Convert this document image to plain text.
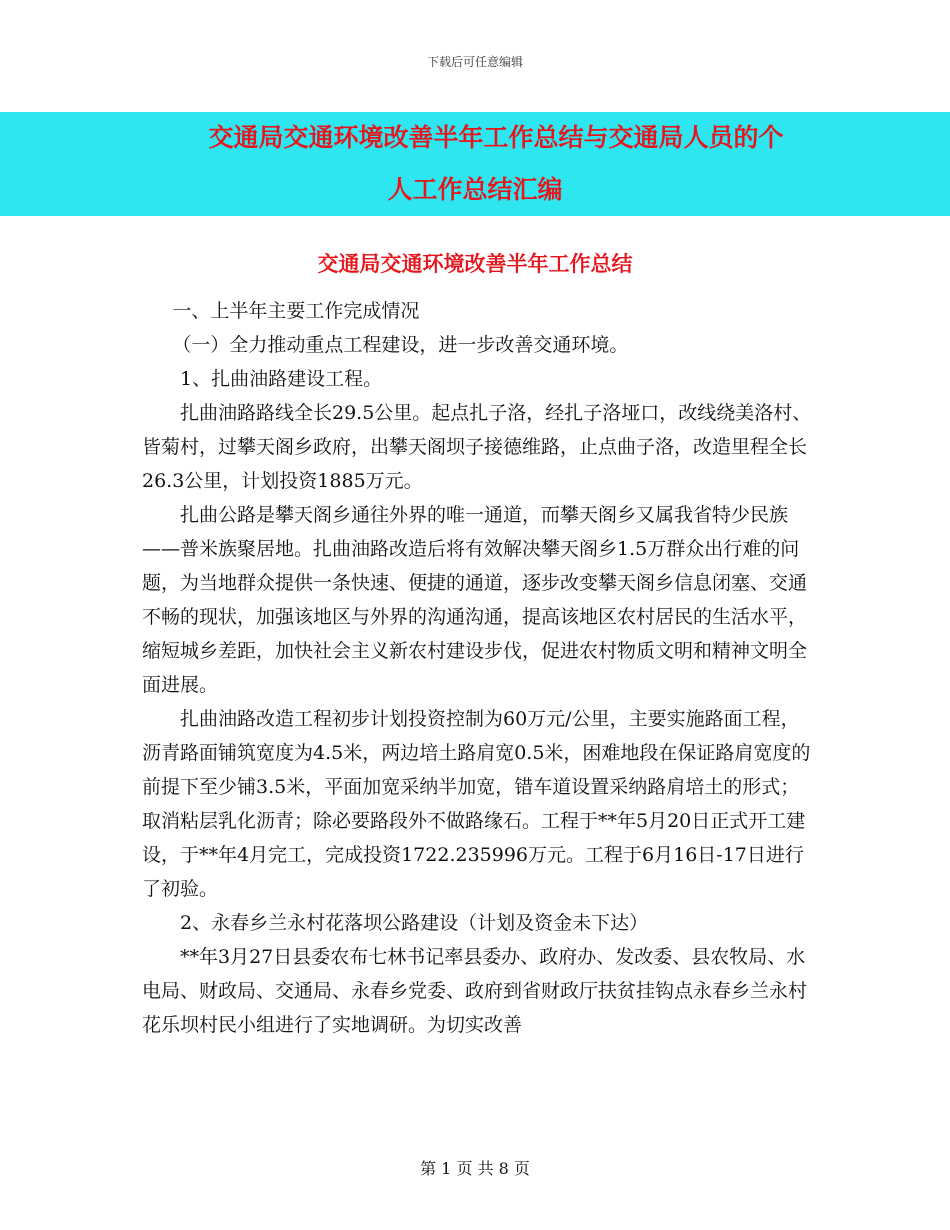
下载后可任意编辑
交通局交通环境改善半年工作总结与交通局人员的个
人工作总结汇编
交通局交通环境改善半年工作总结

一、上半年主要工作完成情况

（一）全力推动重点工程建设，进一步改善交通环境。

1、扎曲油路建设工程。

扎曲油路路线全长29.5公里。起点扎子洛，经扎子洛垭口，改线绕美洛村、皆菊村，过攀天阁乡政府，出攀天阁坝子接德维路，止点曲子洛，改造里程全长26.3公里，计划投资1885万元。

扎曲公路是攀天阁乡通往外界的唯一通道，而攀天阁乡又属我省特少民族——普米族聚居地。扎曲油路改造后将有效解决攀天阁乡1.5万群众出行难的问题，为当地群众提供一条快速、便捷的通道，逐步改变攀天阁乡信息闭塞、交通不畅的现状，加强该地区与外界的沟通沟通，提高该地区农村居民的生活水平，缩短城乡差距，加快社会主义新农村建设步伐，促进农村物质文明和精神文明全面进展。

扎曲油路改造工程初步计划投资控制为60万元/公里，主要实施路面工程，沥青路面铺筑宽度为4.5米，两边培土路肩宽0.5米，困难地段在保证路肩宽度的前提下至少铺3.5米，平面加宽采纳半加宽，错车道设置采纳路肩培土的形式；取消粘层乳化沥青；除必要路段外不做路缘石。工程于**年5月20日正式开工建设，于**年4月完工，完成投资1722.235996万元。工程于6月16日-17日进行了初验。

2、永春乡兰永村花落坝公路建设（计划及资金未下达）

**年3月27日县委农布七林书记率县委办、政府办、发改委、县农牧局、水电局、财政局、交通局、永春乡党委、政府到省财政厅扶贫挂钩点永春乡兰永村花乐坝村民小组进行了实地调研。为切实改善

第 1 页 共 8 页
